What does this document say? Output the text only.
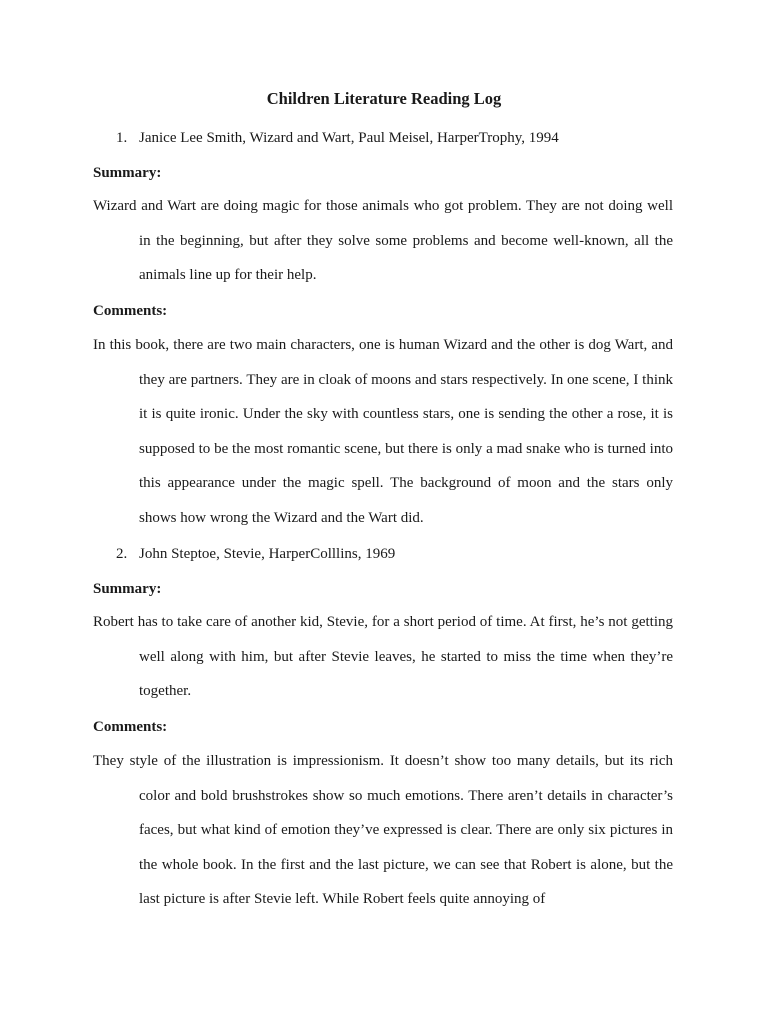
Children Literature Reading Log
1. Janice Lee Smith, Wizard and Wart, Paul Meisel, HarperTrophy, 1994
Summary:
Wizard and Wart are doing magic for those animals who got problem. They are not doing well in the beginning, but after they solve some problems and become well-known, all the animals line up for their help.
Comments:
In this book, there are two main characters, one is human Wizard and the other is dog Wart, and they are partners. They are in cloak of moons and stars respectively. In one scene, I think it is quite ironic. Under the sky with countless stars, one is sending the other a rose, it is supposed to be the most romantic scene, but there is only a mad snake who is turned into this appearance under the magic spell. The background of moon and the stars only shows how wrong the Wizard and the Wart did.
2. John Steptoe, Stevie, HarperColllins, 1969
Summary:
Robert has to take care of another kid, Stevie, for a short period of time. At first, he’s not getting well along with him, but after Stevie leaves, he started to miss the time when they’re together.
Comments:
They style of the illustration is impressionism. It doesn’t show too many details, but its rich color and bold brushstrokes show so much emotions. There aren’t details in character’s faces, but what kind of emotion they’ve expressed is clear. There are only six pictures in the whole book. In the first and the last picture, we can see that Robert is alone, but the last picture is after Stevie left. While Robert feels quite annoying of
